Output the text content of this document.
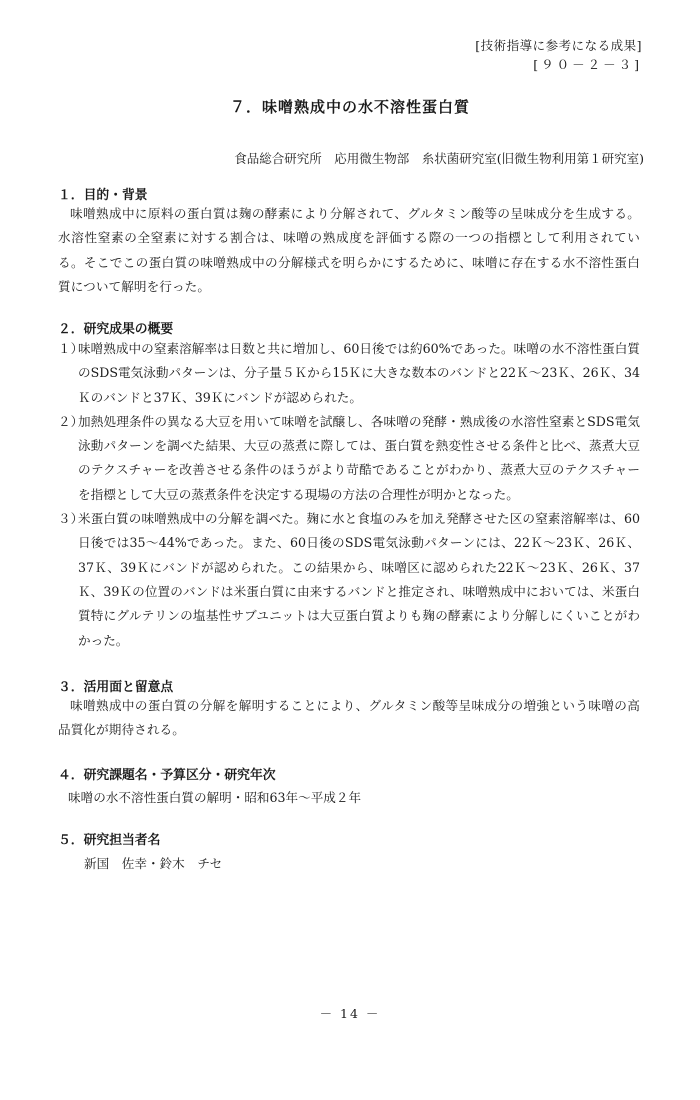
[技術指導に参考になる成果]
[９０－２－３]
７．味噌熟成中の水不溶性蛋白質
食品総合研究所　応用微生物部　糸状菌研究室(旧微生物利用第１研究室)
１．目的・背景
味噌熟成中に原料の蛋白質は麹の酵素により分解されて、グルタミン酸等の呈味成分を生成する。水溶性窒素の全窒素に対する割合は、味噌の熟成度を評価する際の一つの指標として利用されている。そこでこの蛋白質の味噌熟成中の分解様式を明らかにするために、味噌に存在する水不溶性蛋白質について解明を行った。
２．研究成果の概要
１）
味噌熟成中の窒素溶解率は日数と共に増加し、60日後では約60%であった。味噌の水不溶性蛋白質のSDS電気泳動パターンは、分子量５Ｋから15Ｋに大きな数本のバンドと22Ｋ～23Ｋ、26Ｋ、34Ｋのバンドと37Ｋ、39Ｋにバンドが認められた。
２）
加熱処理条件の異なる大豆を用いて味噌を試醸し、各味噌の発酵・熟成後の水溶性窒素とSDS電気泳動パターンを調べた結果、大豆の蒸煮に際しては、蛋白質を熱変性させる条件と比べ、蒸煮大豆のテクスチャーを改善させる条件のほうがより苛酷であることがわかり、蒸煮大豆のテクスチャーを指標として大豆の蒸煮条件を決定する現場の方法の合理性が明かとなった。
３）
米蛋白質の味噌熟成中の分解を調べた。麹に水と食塩のみを加え発酵させた区の窒素溶解率は、60日後では35～44%であった。また、60日後のSDS電気泳動パターンには、22Ｋ～23Ｋ、26Ｋ、37Ｋ、39Ｋにバンドが認められた。この結果から、味噌区に認められた22Ｋ～23Ｋ、26Ｋ、37Ｋ、39Ｋの位置のバンドは米蛋白質に由来するバンドと推定され、味噌熟成中においては、米蛋白質特にグルテリンの塩基性サブユニットは大豆蛋白質よりも麹の酵素により分解しにくいことがわかった。
３．活用面と留意点
味噌熟成中の蛋白質の分解を解明することにより、グルタミン酸等呈味成分の増強という味噌の高品質化が期待される。
４．研究課題名・予算区分・研究年次
味噌の水不溶性蛋白質の解明・昭和63年～平成２年
５．研究担当者名
新国　佐幸・鈴木　チセ
－ 14 －
